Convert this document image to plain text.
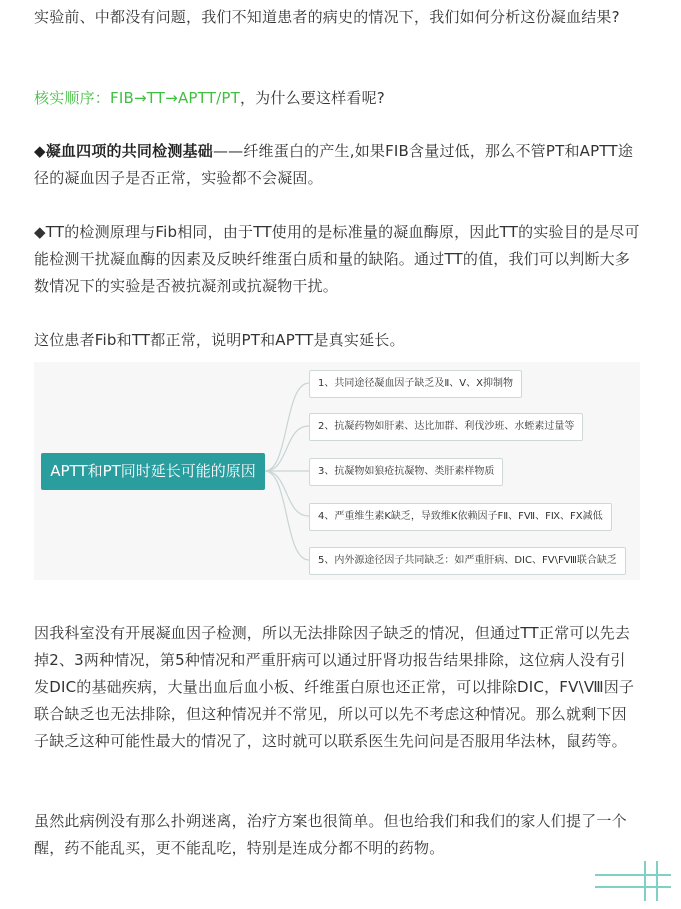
实验前、中都没有问题，我们不知道患者的病史的情况下，我们如何分析这份凝血结果?

核实顺序：FIB→TT→APTT/PT，为什么要这样看呢?

◆凝血四项的共同检测基础——纤维蛋白的产生,如果FIB含量过低，那么不管PT和APTT途径的凝血因子是否正常，实验都不会凝固。

◆TT的检测原理与Fib相同，由于TT使用的是标准量的凝血酶原，因此TT的实验目的是尽可能检测干扰凝血酶的因素及反映纤维蛋白质和量的缺陷。通过TT的值，我们可以判断大多数情况下的实验是否被抗凝剂或抗凝物干扰。

这位患者Fib和TT都正常，说明PT和APTT是真实延长。

APTT和PT同时延长可能的原因
1、共同途径凝血因子缺乏及Ⅱ、Ⅴ、Ⅹ抑制物
2、抗凝药物如肝素、达比加群、利伐沙班、水蛭素过量等
3、抗凝物如狼疮抗凝物、类肝素样物质
4、严重维生素K缺乏，导致维K依赖因子FⅡ、FⅦ、FⅨ、FⅩ减低
5、内外源途径因子共同缺乏：如严重肝病、DIC、FⅤ\FⅧ联合缺乏

因我科室没有开展凝血因子检测，所以无法排除因子缺乏的情况，但通过TT正常可以先去掉2、3两种情况，第5种情况和严重肝病可以通过肝肾功报告结果排除，这位病人没有引发DIC的基础疾病，大量出血后血小板、纤维蛋白原也还正常，可以排除DIC，FⅤ\Ⅷ因子联合缺乏也无法排除，但这种情况并不常见，所以可以先不考虑这种情况。那么就剩下因子缺乏这种可能性最大的情况了，这时就可以联系医生先问问是否服用华法林，鼠药等。

虽然此病例没有那么扑朔迷离，治疗方案也很简单。但也给我们和我们的家人们提了一个醒，药不能乱买，更不能乱吃，特别是连成分都不明的药物。
